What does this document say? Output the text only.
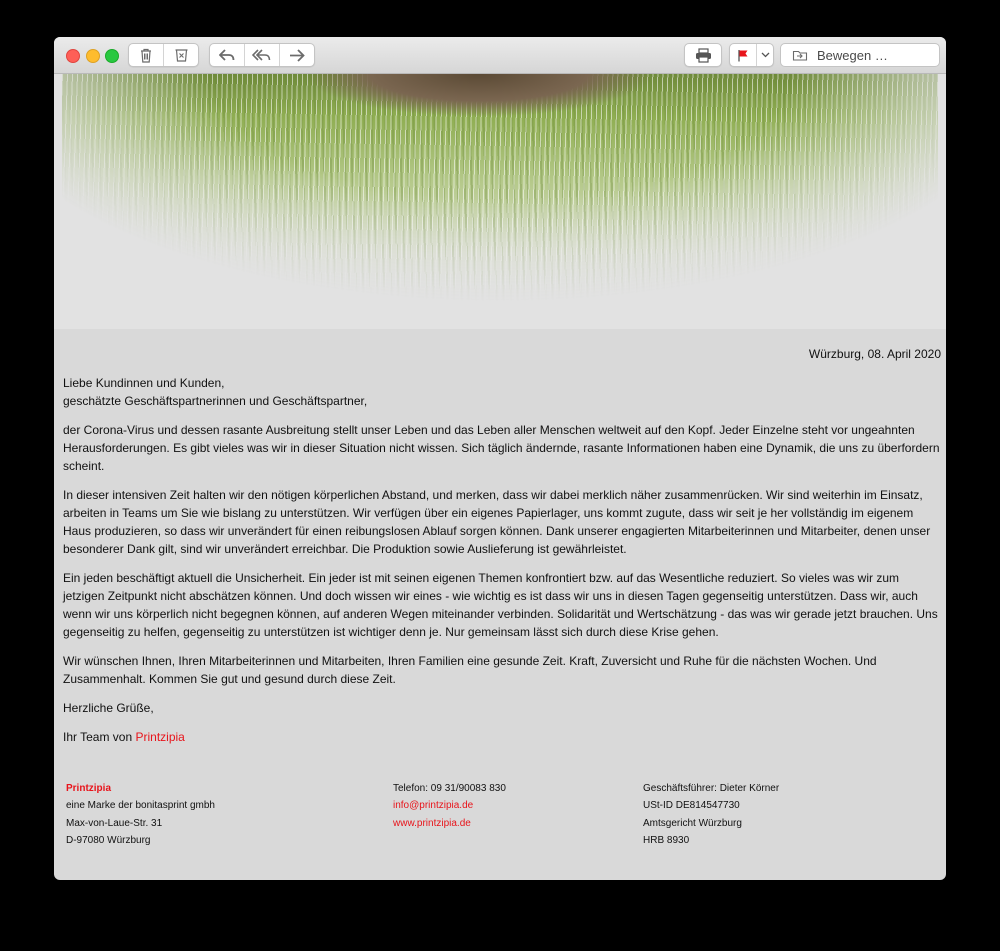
Bewegen …
Würzburg, 08. April 2020

Liebe Kundinnen und Kunden,
geschätzte Geschäftspartnerinnen und Geschäftspartner,

der Corona-Virus und dessen rasante Ausbreitung stellt unser Leben und das Leben aller Menschen weltweit auf den Kopf. Jeder Einzelne steht vor ungeahnten Herausforderungen. Es gibt vieles was wir in dieser Situation nicht wissen. Sich täglich ändernde, rasante Informationen haben eine Dynamik, die uns zu überfordern scheint.

In dieser intensiven Zeit halten wir den nötigen körperlichen Abstand, und merken, dass wir dabei merklich näher zusammenrücken. Wir sind weiterhin im Einsatz, arbeiten in Teams um Sie wie bislang zu unterstützen. Wir verfügen über ein eigenes Papierlager, uns kommt zugute, dass wir seit je her vollständig im eigenem Haus produzieren, so dass wir unverändert für einen reibungslosen Ablauf sorgen können. Dank unserer engagierten Mitarbeiterinnen und Mitarbeiter, denen unser besonderer Dank gilt, sind wir unverändert erreichbar. Die Produktion sowie Auslieferung ist gewährleistet.

Ein jeden beschäftigt aktuell die Unsicherheit. Ein jeder ist mit seinen eigenen Themen konfrontiert bzw. auf das Wesentliche reduziert. So vieles was wir zum jetzigen Zeitpunkt nicht abschätzen können. Und doch wissen wir eines - wie wichtig es ist dass wir uns in diesen Tagen gegenseitig unterstützen. Dass wir, auch wenn wir uns körperlich nicht begegnen können, auf anderen Wegen miteinander verbinden. Solidarität und Wertschätzung - das was wir gerade jetzt brauchen. Uns gegenseitig zu helfen, gegenseitig zu unterstützen ist wichtiger denn je. Nur gemeinsam lässt sich durch diese Krise gehen.

Wir wünschen Ihnen, Ihren Mitarbeiterinnen und Mitarbeiten, Ihren Familien eine gesunde Zeit. Kraft, Zuversicht und Ruhe für die nächsten Wochen. Und Zusammenhalt. Kommen Sie gut und gesund durch diese Zeit.

Herzliche Grüße,

Ihr Team von Printzipia

Printzipia
eine Marke der bonitasprint gmbh
Max-von-Laue-Str. 31
D-97080 Würzburg
Telefon: 09 31/90083 830
info@printzipia.de
www.printzipia.de
Geschäftsführer: Dieter Körner
USt-ID DE814547730
Amtsgericht Würzburg
HRB 8930
